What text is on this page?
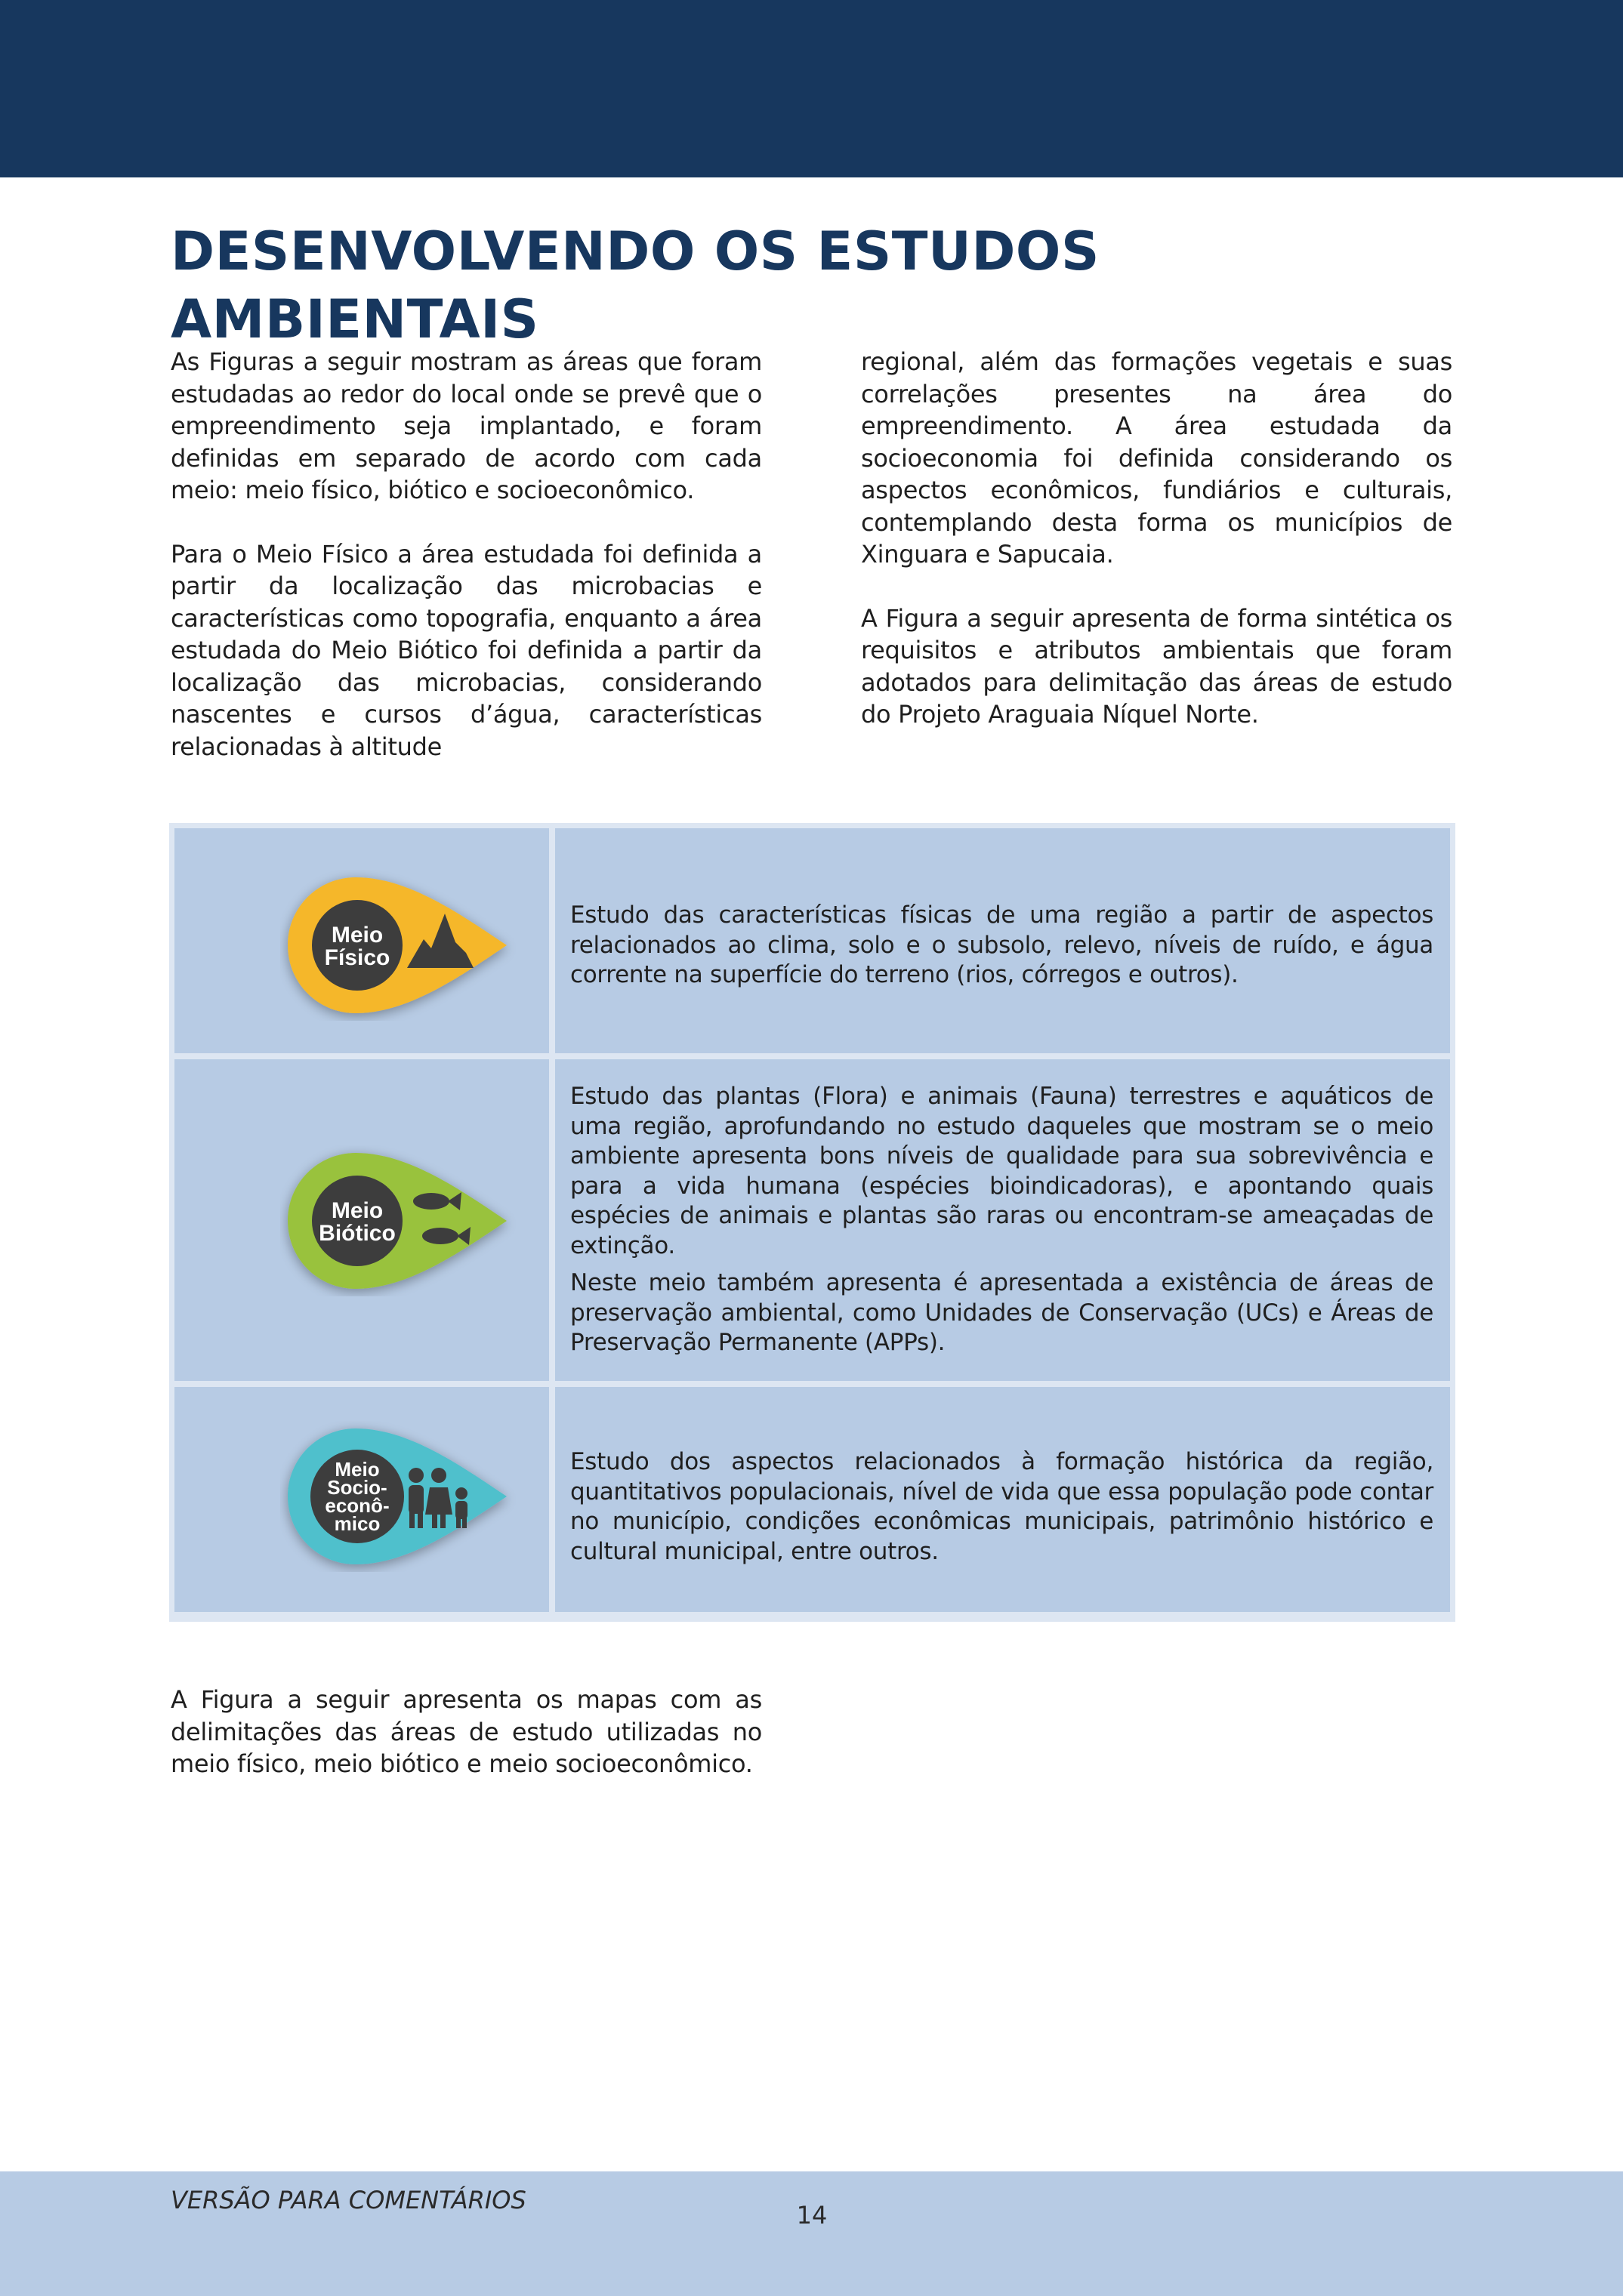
DESENVOLVENDO OS ESTUDOS AMBIENTAIS

As Figuras a seguir mostram as áreas que foram estudadas ao redor do local onde se prevê que o empreendimento seja implantado, e foram definidas em separado de acordo com cada meio: meio físico, biótico e socioeconômico.

Para o Meio Físico a área estudada foi definida a partir da localização das microbacias e características como topografia, enquanto a área estudada do Meio Biótico foi definida a partir da localização das microbacias, considerando nascentes e cursos d’água, características relacionadas à altitude

regional, além das formações vegetais e suas correlações presentes na área do empreendimento. A área estudada da socioeconomia foi definida considerando os aspectos econômicos, fundiários e culturais, contemplando desta forma os municípios de Xinguara e Sapucaia.

A Figura a seguir apresenta de forma sintética os requisitos e atributos ambientais que foram adotados para delimitação das áreas de estudo do Projeto Araguaia Níquel Norte.

Meio
Físico

Estudo das características físicas de uma região a partir de aspectos relacionados ao clima, solo e o subsolo, relevo, níveis de ruído, e água corrente na superfície do terreno (rios, córregos e outros).

Meio
Biótico

Estudo das plantas (Flora) e animais (Fauna) terrestres e aquáticos de uma região, aprofundando no estudo daqueles que mostram se o meio ambiente apresenta bons níveis de qualidade para sua sobrevivência e para a vida humana (espécies bioindicadoras), e apontando quais espécies de animais e plantas são raras ou encontram-se ameaçadas de extinção.

Neste meio também apresenta é apresentada a existência de áreas de preservação ambiental, como Unidades de Conservação (UCs) e Áreas de Preservação Permanente (APPs).

Meio
Socio-
econô-
mico

Estudo dos aspectos relacionados à formação histórica da região, quantitativos populacionais, nível de vida que essa população pode contar no município, condições econômicas municipais, patrimônio histórico e cultural municipal, entre outros.

A Figura a seguir apresenta os mapas com as delimitações das áreas de estudo utilizadas no meio físico, meio biótico e meio socioeconômico.

VERSÃO PARA COMENTÁRIOS
14
